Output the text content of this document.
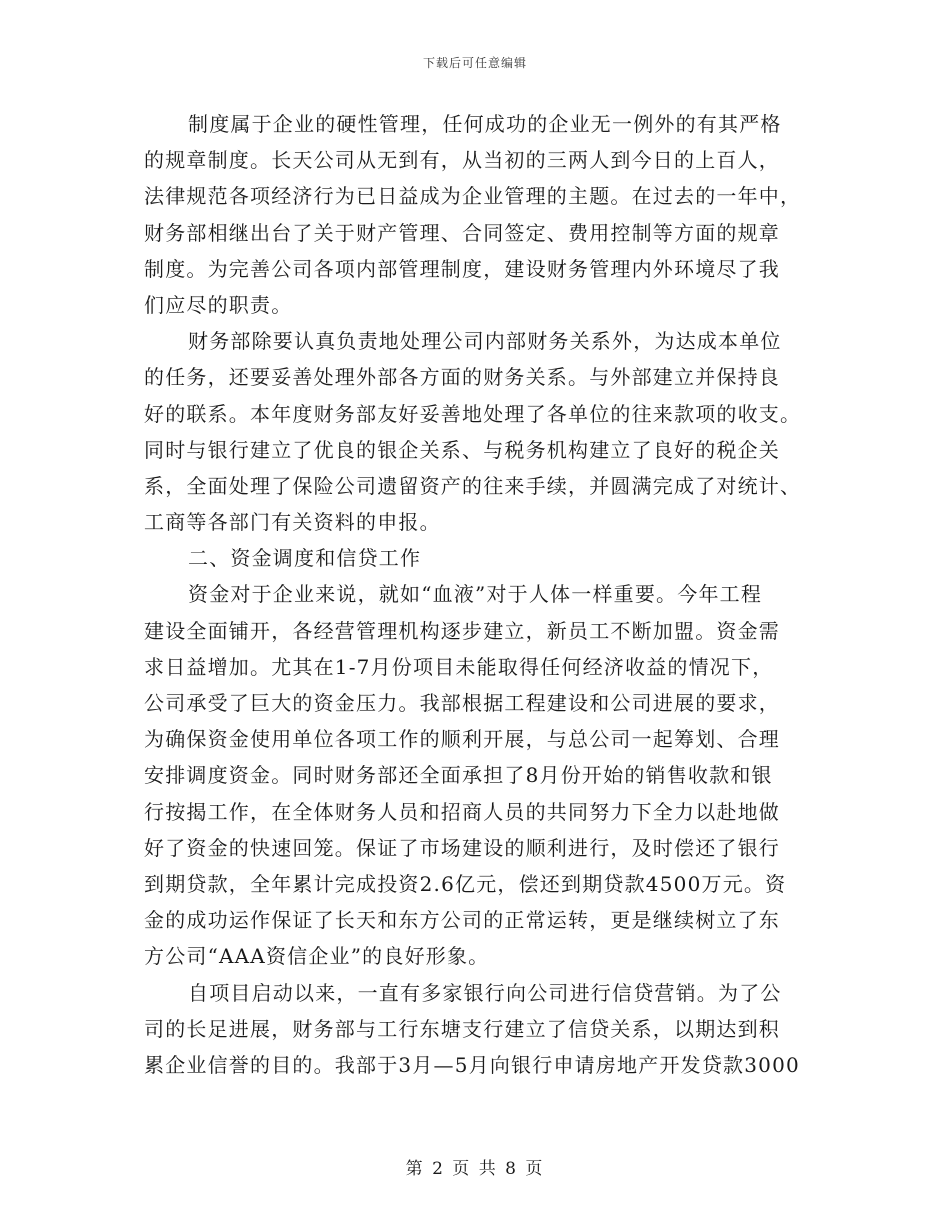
下载后可任意编辑
制度属于企业的硬性管理，任何成功的企业无一例外的有其严格
的规章制度。长天公司从无到有，从当初的三两人到今日的上百人，
法律规范各项经济行为已日益成为企业管理的主题。在过去的一年中，
财务部相继出台了关于财产管理、合同签定、费用控制等方面的规章
制度。为完善公司各项内部管理制度，建设财务管理内外环境尽了我
们应尽的职责。
财务部除要认真负责地处理公司内部财务关系外，为达成本单位
的任务，还要妥善处理外部各方面的财务关系。与外部建立并保持良
好的联系。本年度财务部友好妥善地处理了各单位的往来款项的收支。
同时与银行建立了优良的银企关系、与税务机构建立了良好的税企关
系，全面处理了保险公司遗留资产的往来手续，并圆满完成了对统计、
工商等各部门有关资料的申报。
二、资金调度和信贷工作
资金对于企业来说，就如“血液”对于人体一样重要。今年工程
建设全面铺开，各经营管理机构逐步建立，新员工不断加盟。资金需
求日益增加。尤其在1-7月份项目未能取得任何经济收益的情况下，
公司承受了巨大的资金压力。我部根据工程建设和公司进展的要求，
为确保资金使用单位各项工作的顺利开展，与总公司一起筹划、合理
安排调度资金。同时财务部还全面承担了8月份开始的销售收款和银
行按揭工作，在全体财务人员和招商人员的共同努力下全力以赴地做
好了资金的快速回笼。保证了市场建设的顺利进行，及时偿还了银行
到期贷款，全年累计完成投资2.6亿元，偿还到期贷款4500万元。资
金的成功运作保证了长天和东方公司的正常运转，更是继续树立了东
方公司“AAA资信企业”的良好形象。
自项目启动以来，一直有多家银行向公司进行信贷营销。为了公
司的长足进展，财务部与工行东塘支行建立了信贷关系，以期达到积
累企业信誉的目的。我部于3月—5月向银行申请房地产开发贷款3000
第 2 页 共 8 页
